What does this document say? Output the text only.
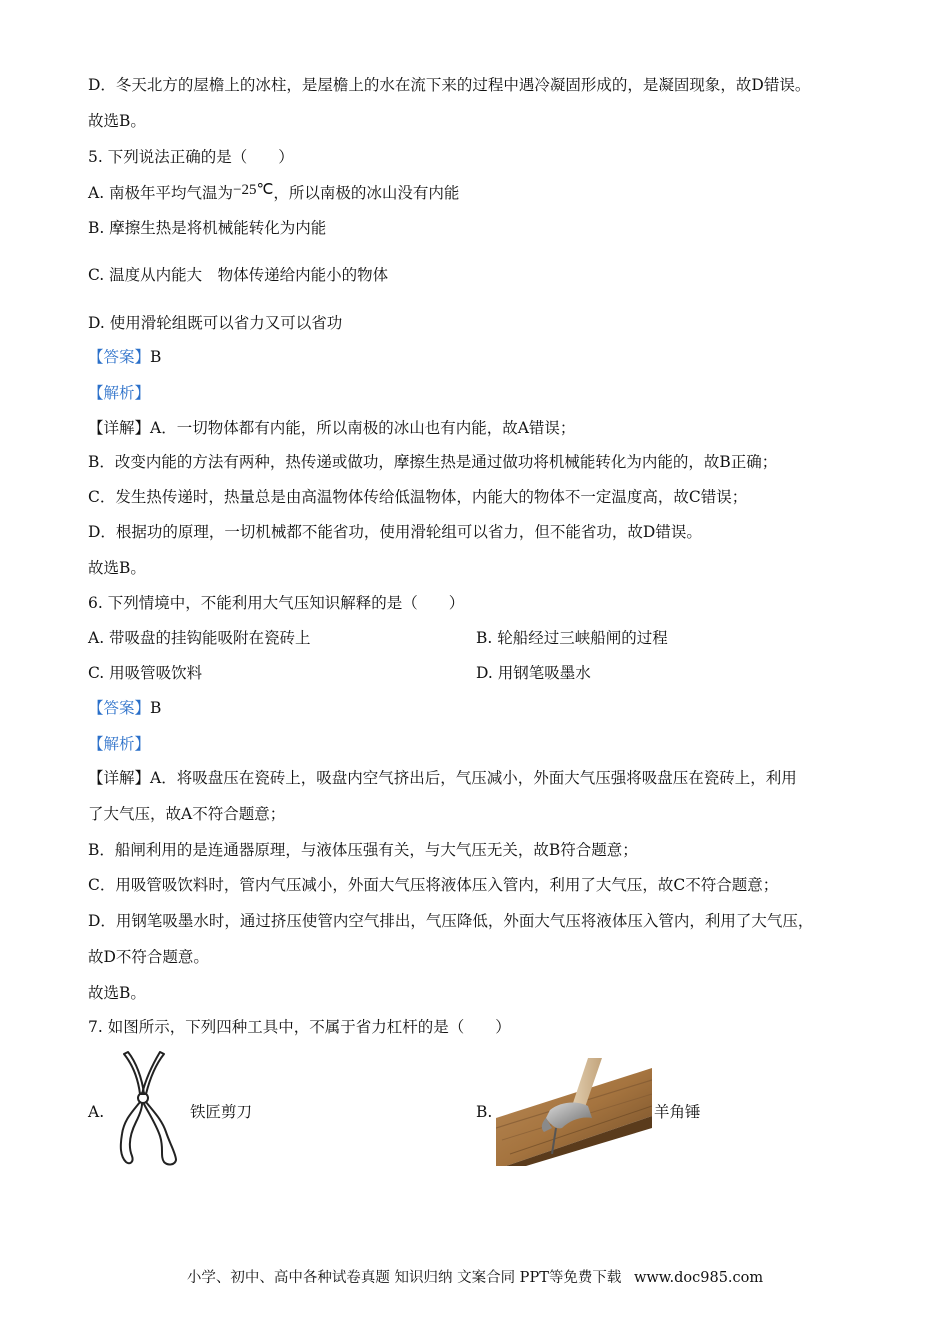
D．冬天北方的屋檐上的冰柱，是屋檐上的水在流下来的过程中遇冷凝固形成的，是凝固现象，故D错误。
故选B。
5. 下列说法正确的是（　　）
A. 南极年平均气温为−25℃，所以南极的冰山没有内能
B. 摩擦生热是将机械能转化为内能
C. 温度从内能大　物体传递给内能小的物体
D. 使用滑轮组既可以省力又可以省功
【答案】B
【解析】
【详解】A．一切物体都有内能，所以南极的冰山也有内能，故A错误；
B．改变内能的方法有两种，热传递或做功，摩擦生热是通过做功将机械能转化为内能的，故B正确；
C．发生热传递时，热量总是由高温物体传给低温物体，内能大的物体不一定温度高，故C错误；
D．根据功的原理，一切机械都不能省功，使用滑轮组可以省力，但不能省功，故D错误。
故选B。
6. 下列情境中，不能利用大气压知识解释的是（　　）
A. 带吸盘的挂钩能吸附在瓷砖上	B. 轮船经过三峡船闸的过程
C. 用吸管吸饮料	D. 用钢笔吸墨水
【答案】B
【解析】
【详解】A．将吸盘压在瓷砖上，吸盘内空气挤出后，气压减小，外面大气压强将吸盘压在瓷砖上，利用
了大气压，故A不符合题意；
B．船闸利用的是连通器原理，与液体压强有关，与大气压无关，故B符合题意；
C．用吸管吸饮料时，管内气压减小，外面大气压将液体压入管内，利用了大气压，故C不符合题意；
D．用钢笔吸墨水时，通过挤压使管内空气排出，气压降低，外面大气压将液体压入管内，利用了大气压，
故D不符合题意。
故选B。
7. 如图所示，下列四种工具中，不属于省力杠杆的是（　　）
A.	铁匠剪刀	B.	羊角锤
小学、初中、高中各种试卷真题 知识归纳 文案合同 PPT等免费下载 www.doc985.com
